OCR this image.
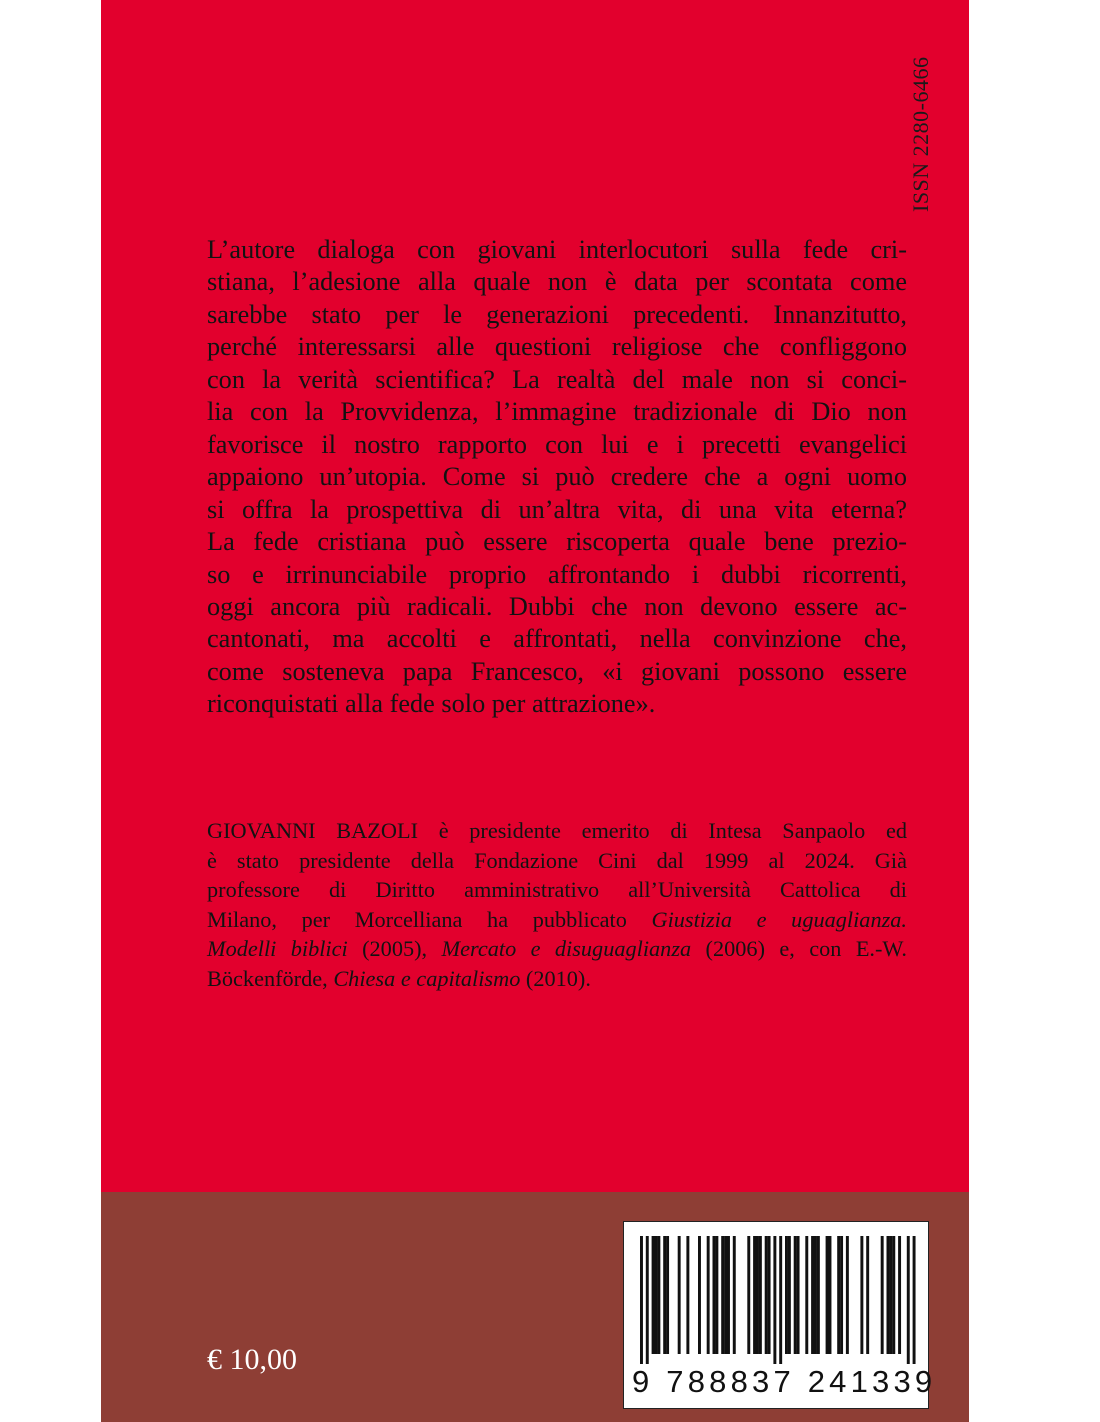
ISSN 2280-6466
L’autore dialoga con giovani interlocutori sulla fede cri-
stiana, l’adesione alla quale non è data per scontata come
sarebbe stato per le generazioni precedenti. Innanzitutto,
perché interessarsi alle questioni religiose che confliggono
con la verità scientifica? La realtà del male non si conci-
lia con la Provvidenza, l’immagine tradizionale di Dio non
favorisce il nostro rapporto con lui e i precetti evangelici
appaiono un’utopia. Come si può credere che a ogni uomo
si offra la prospettiva di un’altra vita, di una vita eterna?
La fede cristiana può essere riscoperta quale bene prezio-
so e irrinunciabile proprio affrontando i dubbi ricorrenti,
oggi ancora più radicali. Dubbi che non devono essere ac-
cantonati, ma accolti e affrontati, nella convinzione che,
come sosteneva papa Francesco, «i giovani possono essere
riconquistati alla fede solo per attrazione».
GIOVANNI BAZOLI è presidente emerito di Intesa Sanpaolo ed
è stato presidente della Fondazione Cini dal 1999 al 2024. Già
professore di Diritto amministrativo all’Università Cattolica di
Milano, per Morcelliana ha pubblicato Giustizia e uguaglianza.
Modelli biblici (2005), Mercato e disuguaglianza (2006) e, con E.-W.
Böckenförde, Chiesa e capitalismo (2010).
€ 10,00
9 788837 241339
